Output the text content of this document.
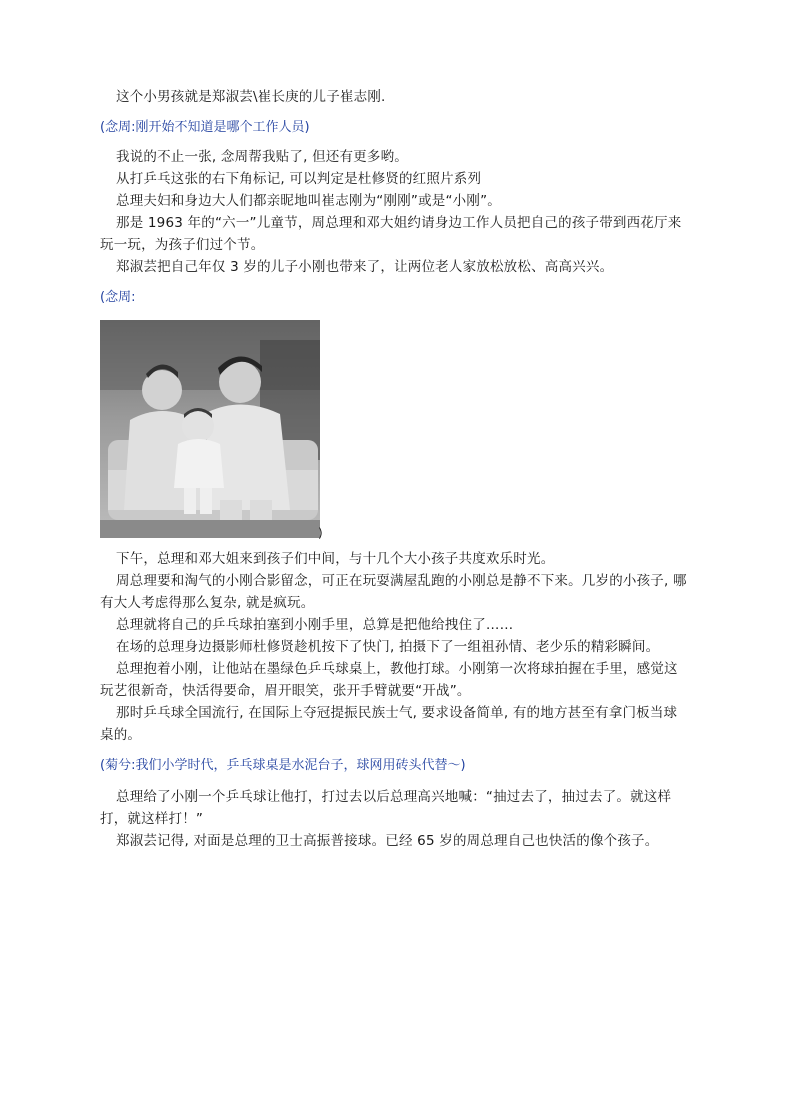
这个小男孩就是郑淑芸\崔长庚的儿子崔志刚.

(念周:刚开始不知道是哪个工作人员)

我说的不止一张, 念周帮我贴了, 但还有更多哟。

从打乒乓这张的右下角标记, 可以判定是杜修贤的红照片系列

总理夫妇和身边大人们都亲昵地叫崔志刚为“刚刚”或是“小刚”。

那是 1963 年的“六一”儿童节，周总理和邓大姐约请身边工作人员把自己的孩子带到西花厅来玩一玩，为孩子们过个节。

郑淑芸把自己年仅 3 岁的儿子小刚也带来了，让两位老人家放松放松、高高兴兴。

(念周:

)

下午，总理和邓大姐来到孩子们中间，与十几个大小孩子共度欢乐时光。

周总理要和淘气的小刚合影留念，可正在玩耍满屋乱跑的小刚总是静不下来。几岁的小孩子, 哪有大人考虑得那么复杂, 就是疯玩。

总理就将自己的乒乓球拍塞到小刚手里，总算是把他给拽住了……

在场的总理身边摄影师杜修贤趁机按下了快门, 拍摄下了一组祖孙情、老少乐的精彩瞬间。

总理抱着小刚，让他站在墨绿色乒乓球桌上，教他打球。小刚第一次将球拍握在手里，感觉这玩艺很新奇，快活得要命，眉开眼笑，张开手臂就要“开战”。

那时乒乓球全国流行, 在国际上夺冠提振民族士气, 要求设备简单, 有的地方甚至有拿门板当球桌的。

(菊兮:我们小学时代，乒乓球桌是水泥台子，球网用砖头代替～)

总理给了小刚一个乒乓球让他打，打过去以后总理高兴地喊：“抽过去了，抽过去了。就这样打，就这样打！”

郑淑芸记得, 对面是总理的卫士高振普接球。已经 65 岁的周总理自己也快活的像个孩子。
